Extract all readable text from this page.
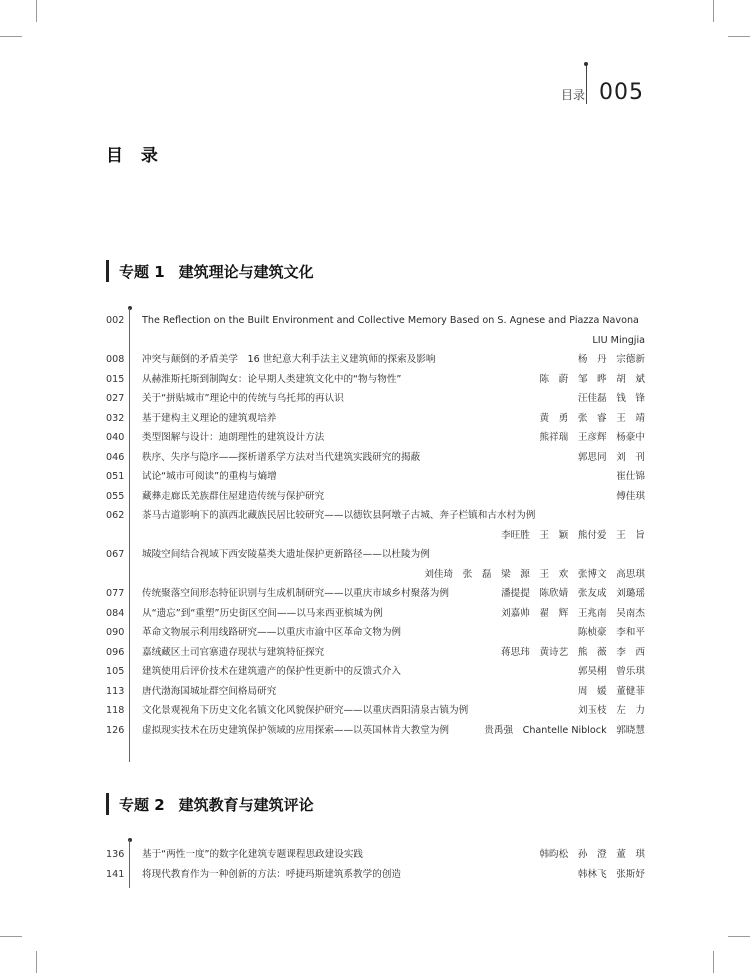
目录 005
目 录
专题 1 建筑理论与建筑文化
002 The Reflection on the Built Environment and Collective Memory Based on S. Agnese and Piazza Navona
LIU Mingjia
008 冲突与颠倒的矛盾美学　16 世纪意大利手法主义建筑师的探索及影响	杨　丹　宗德新
015 从赫淮斯托斯到制陶女：论早期人类建筑文化中的“物与物性”	陈　蔚　邹　晔　胡　斌
027 关于“拼贴城市”理论中的传统与乌托邦的再认识	汪佳磊　钱　锋
032 基于建构主义理论的建筑观培养	黄　勇　张　睿　王　靖
040 类型图解与设计：迪朗理性的建筑设计方法	熊祥瑞　王彦辉　杨豪中
046 秩序、失序与隐序——探析谱系学方法对当代建筑实践研究的揭蔽	郭思同　刘　刊
051 试论“城市可阅读”的重构与熵增	崔仕锦
055 藏彝走廊氐羌族群住屋建造传统与保护研究	傅佳琪
062 茶马古道影响下的滇西北藏族民居比较研究——以德钦县阿墩子古城、奔子栏镇和古水村为例
李旺胜　王　颖　熊付爱　王　旨
067 城陵空间结合视域下西安陵墓类大遗址保护更新路径——以杜陵为例
刘佳琦　张　磊　梁　源　王　欢　张博文　高思琪
077 传统聚落空间形态特征识别与生成机制研究——以重庆市域乡村聚落为例	潘提提　陈欣婧　张友成　刘璐瑶
084 从“遗忘”到“重塑”历史街区空间——以马来西亚槟城为例	刘嘉帅　翟　辉　王兆南　吴南杰
090 革命文物展示利用线路研究——以重庆市渝中区革命文物为例	陈桢豪　李和平
096 嘉绒藏区土司官寨遗存现状与建筑特征探究	蒋思玮　黄诗艺　熊　薇　李　西
105 建筑使用后评价技术在建筑遗产的保护性更新中的反馈式介入	郭昊栩　曾乐琪
113 唐代渤海国城址群空间格局研究	周　媛　董健菲
118 文化景观视角下历史文化名镇文化风貌保护研究——以重庆酉阳清泉古镇为例	刘玉枝　左　力
126 虚拟现实技术在历史建筑保护领域的应用探索——以英国林肯大教堂为例	贵禹强　Chantelle Niblock　郭晓慧
专题 2 建筑教育与建筑评论
136 基于“两性一度”的数字化建筑专题课程思政建设实践	韩昀松　孙　澄　董　琪
141 将现代教育作为一种创新的方法：呼捷玛斯建筑系教学的创造	韩林飞　张斯妤
